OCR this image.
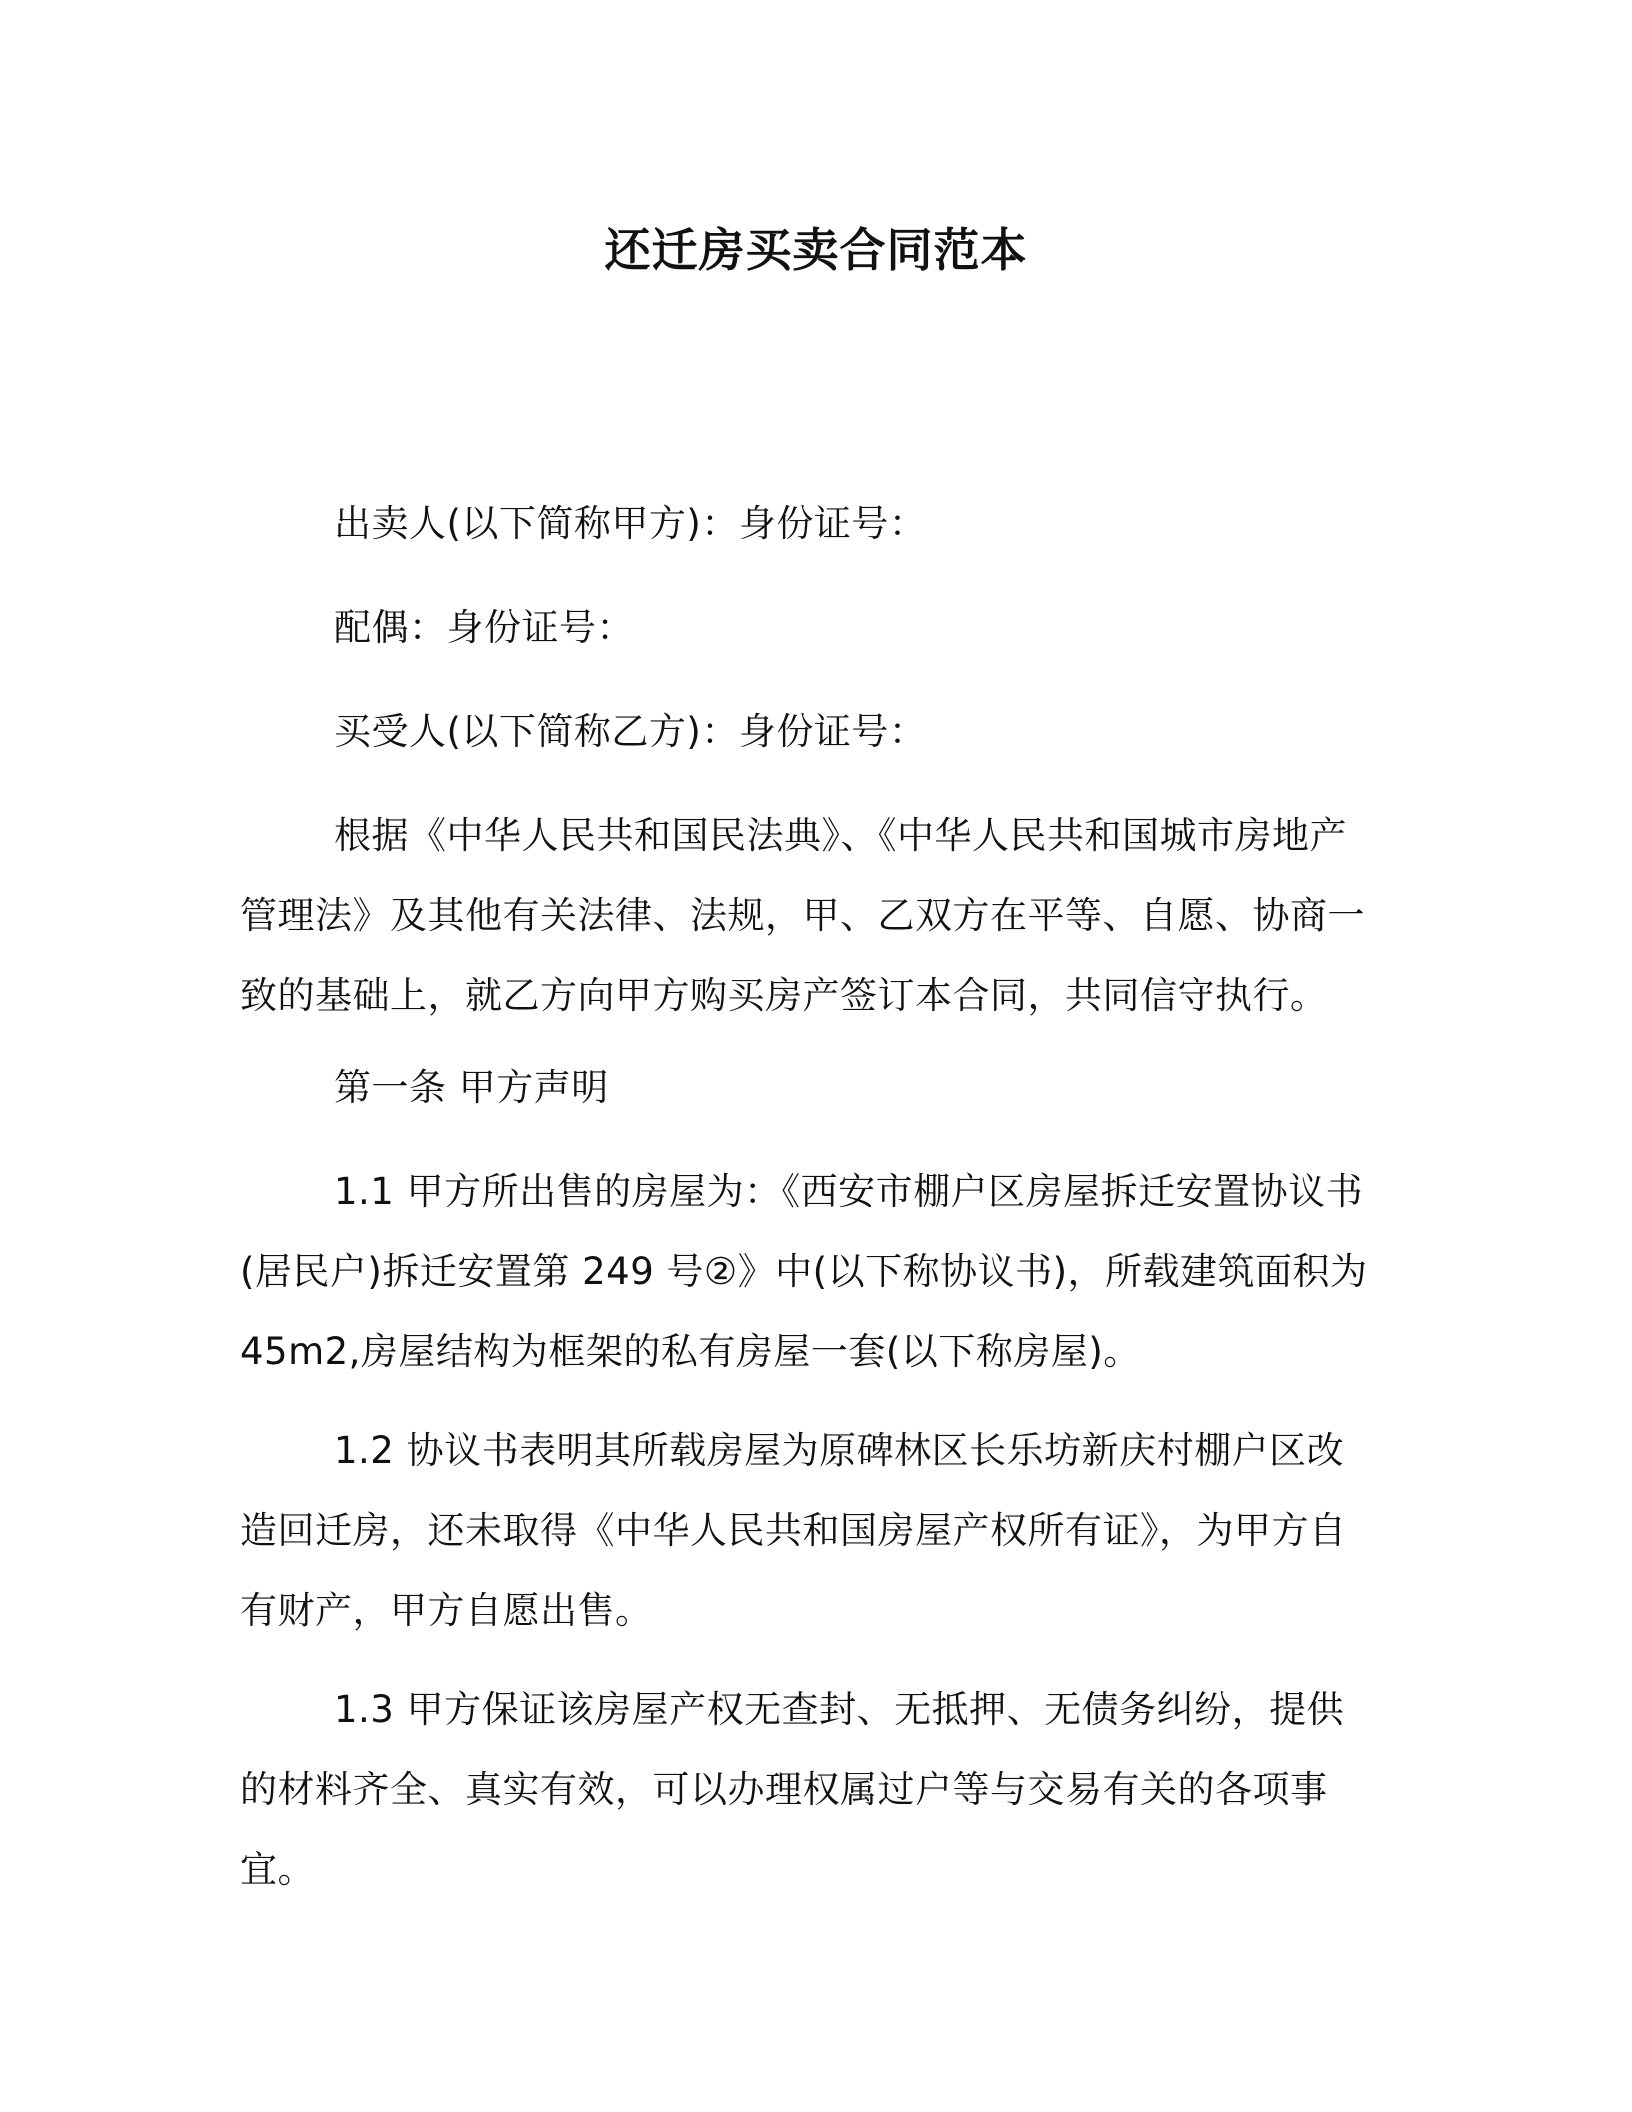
还迁房买卖合同范本
出卖人(以下简称甲方)：身份证号：
配偶：身份证号：
买受人(以下简称乙方)：身份证号：
根据《中华人民共和国民法典》、《中华人民共和国城市房地产管理法》及其他有关法律、法规，甲、乙双方在平等、自愿、协商一致的基础上，就乙方向甲方购买房产签订本合同，共同信守执行。
第一条 甲方声明
1.1 甲方所出售的房屋为：《西安市棚户区房屋拆迁安置协议书(居民户)拆迁安置第 249 号②》中(以下称协议书)，所载建筑面积为45m2,房屋结构为框架的私有房屋一套(以下称房屋)。
1.2 协议书表明其所载房屋为原碑林区长乐坊新庆村棚户区改造回迁房，还未取得《中华人民共和国房屋产权所有证》，为甲方自有财产，甲方自愿出售。
1.3 甲方保证该房屋产权无查封、无抵押、无债务纠纷，提供的材料齐全、真实有效，可以办理权属过户等与交易有关的各项事宜。
